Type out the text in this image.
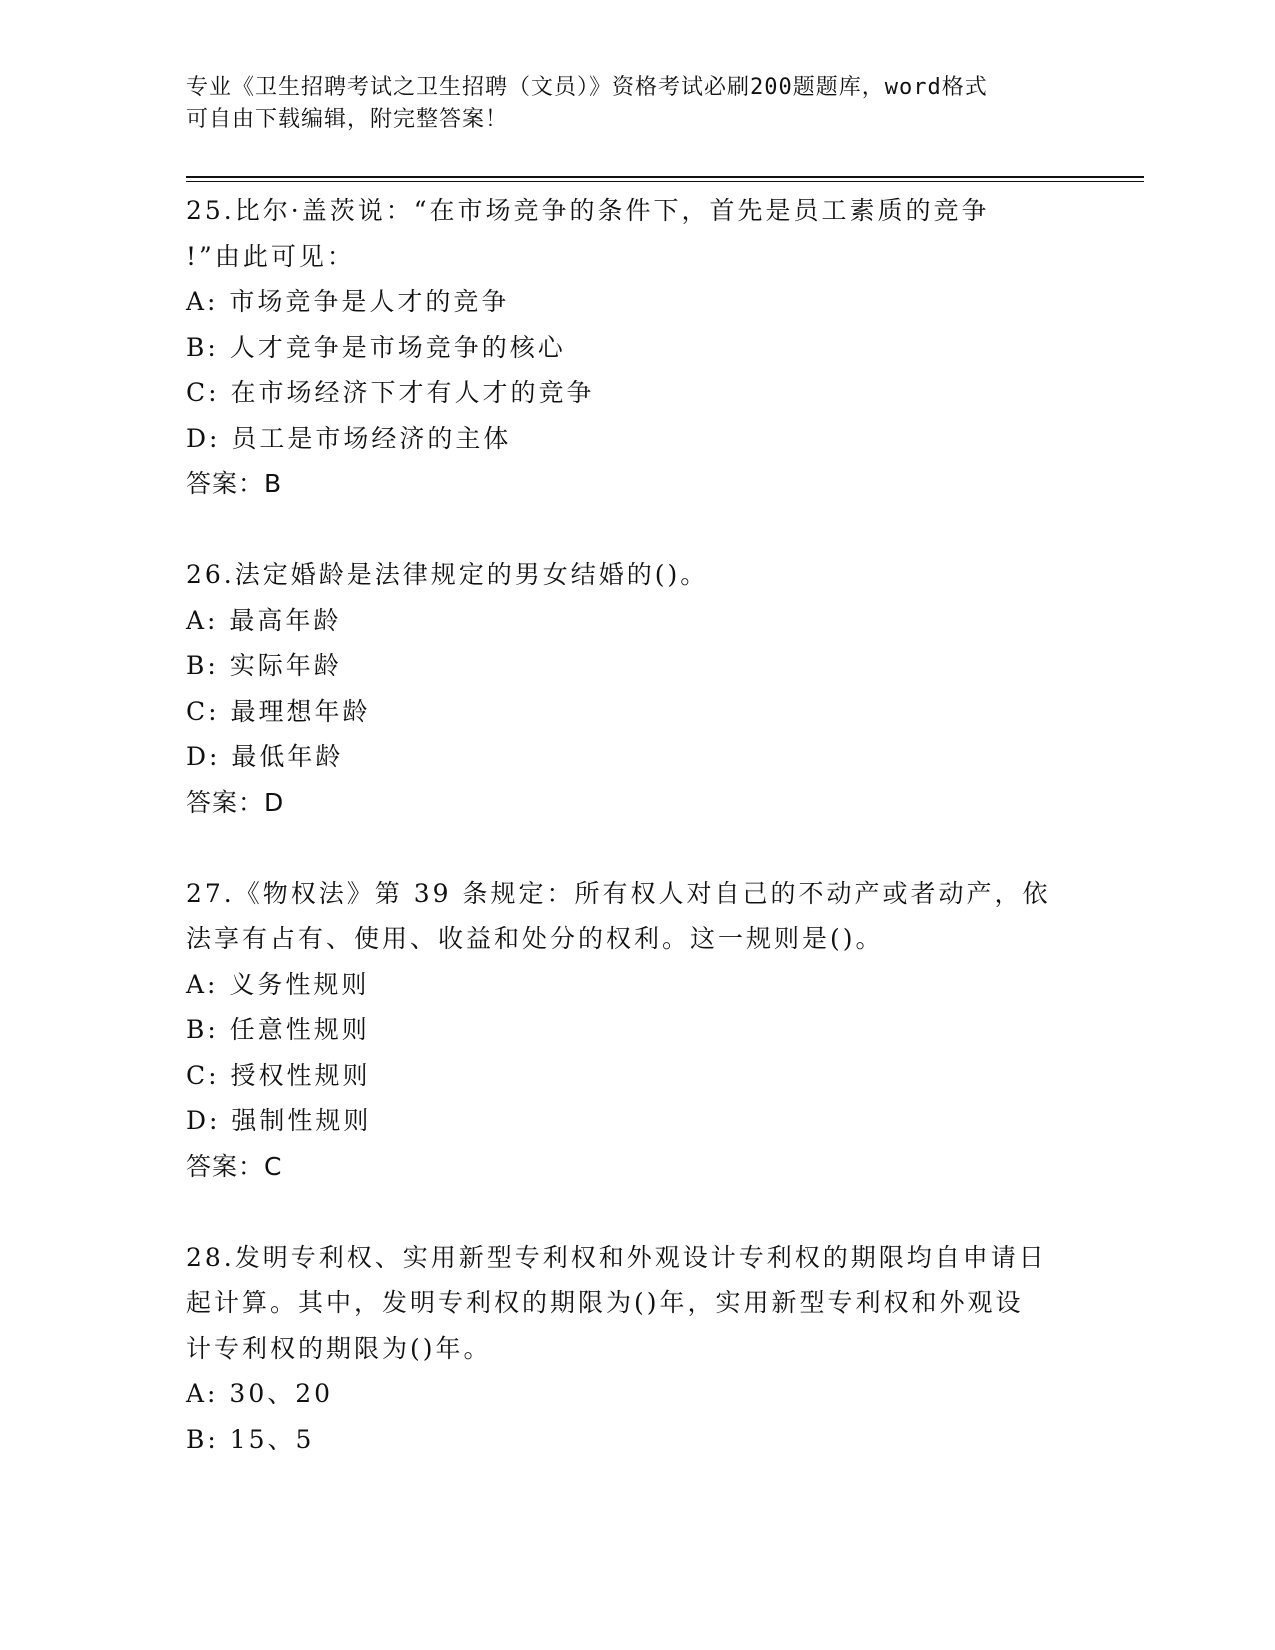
专业《卫生招聘考试之卫生招聘（文员）》资格考试必刷200题题库，word格式
可自由下载编辑，附完整答案！
25.比尔·盖茨说：“在市场竞争的条件下，首先是员工素质的竞争
!”由此可见：
A: 市场竞争是人才的竞争
B: 人才竞争是市场竞争的核心
C: 在市场经济下才有人才的竞争
D: 员工是市场经济的主体
答案：B
26.法定婚龄是法律规定的男女结婚的()。
A: 最高年龄
B: 实际年龄
C: 最理想年龄
D: 最低年龄
答案：D
27.《物权法》第 39 条规定：所有权人对自己的不动产或者动产，依
法享有占有、使用、收益和处分的权利。这一规则是()。
A: 义务性规则
B: 任意性规则
C: 授权性规则
D: 强制性规则
答案：C
28.发明专利权、实用新型专利权和外观设计专利权的期限均自申请日
起计算。其中，发明专利权的期限为()年，实用新型专利权和外观设
计专利权的期限为()年。
A: 30、20
B: 15、5
